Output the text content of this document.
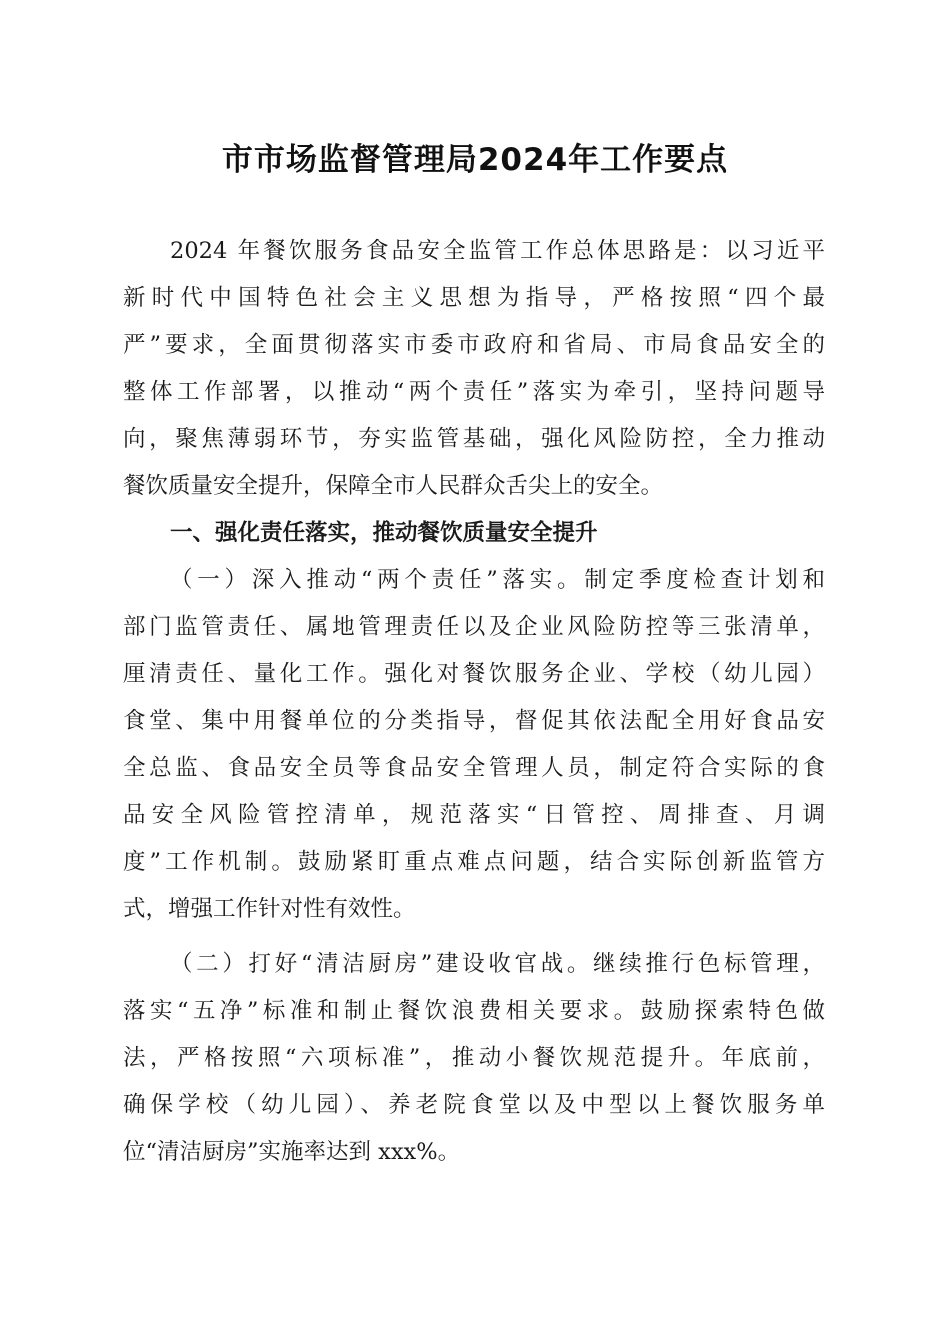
市市场监督管理局2024年工作要点
2024 年餐饮服务食品安全监管工作总体思路是：以习近平
新时代中国特色社会主义思想为指导，严格按照“四个最
严”要求，全面贯彻落实市委市政府和省局、市局食品安全的
整体工作部署，以推动“两个责任”落实为牵引，坚持问题导
向，聚焦薄弱环节，夯实监管基础，强化风险防控，全力推动
餐饮质量安全提升，保障全市人民群众舌尖上的安全。
一、强化责任落实，推动餐饮质量安全提升
（一）深入推动“两个责任”落实。制定季度检查计划和
部门监管责任、属地管理责任以及企业风险防控等三张清单，
厘清责任、量化工作。强化对餐饮服务企业、学校（幼儿园）
食堂、集中用餐单位的分类指导，督促其依法配全用好食品安
全总监、食品安全员等食品安全管理人员，制定符合实际的食
品安全风险管控清单，规范落实“日管控、周排查、月调
度”工作机制。鼓励紧盯重点难点问题，结合实际创新监管方
式，增强工作针对性有效性。
（二）打好“清洁厨房”建设收官战。继续推行色标管理，
落实“五净”标准和制止餐饮浪费相关要求。鼓励探索特色做
法，严格按照“六项标准”，推动小餐饮规范提升。年底前，
确保学校（幼儿园）、养老院食堂以及中型以上餐饮服务单
位“清洁厨房”实施率达到 xxx%。
